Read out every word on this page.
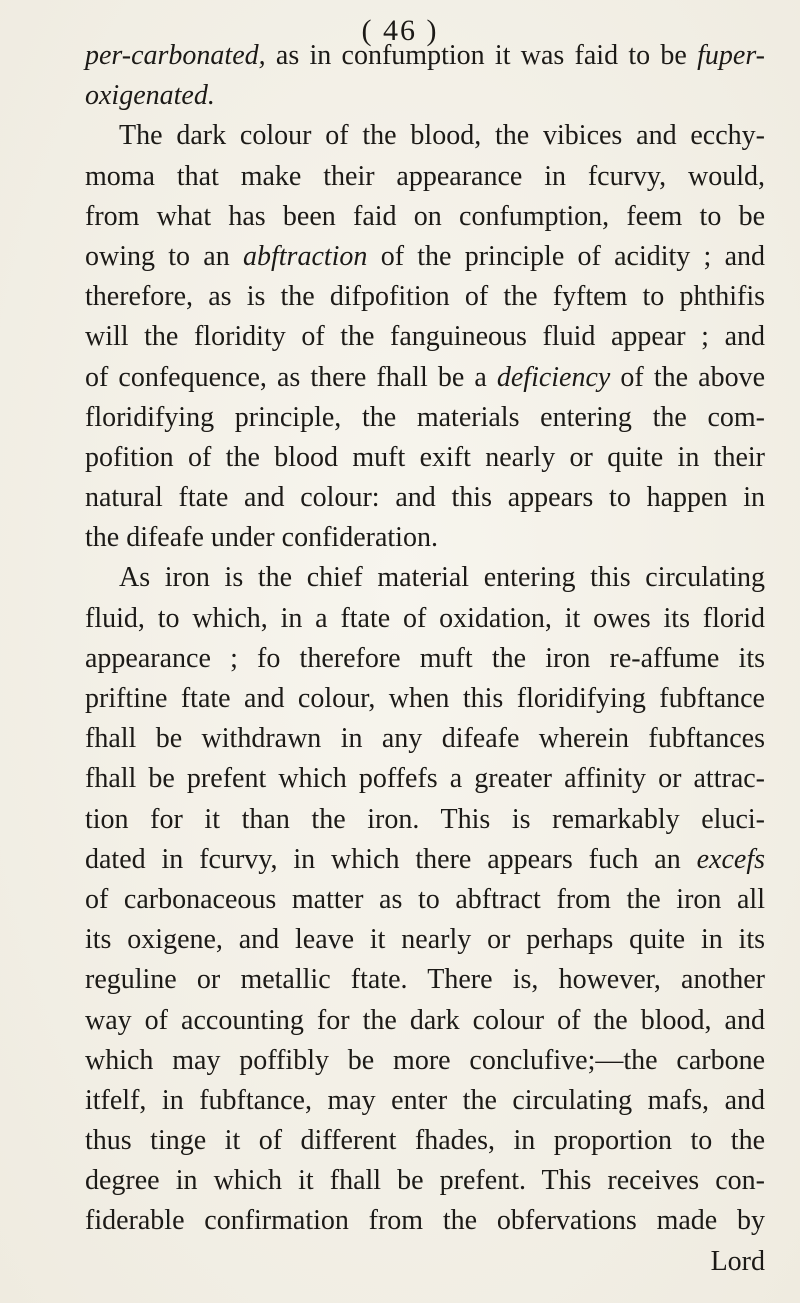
( 46 )
per-carbonated, as in confumption it was faid to be fuper-
oxigenated.
The dark colour of the blood, the vibices and ecchy-
moma that make their appearance in fcurvy, would,
from what has been faid on confumption, feem to be
owing to an abftraction of the principle of acidity ; and
therefore, as is the difpofition of the fyftem to phthifis
will the floridity of the fanguineous fluid appear ; and
of confequence, as there fhall be a deficiency of the above
floridifying principle, the materials entering the com-
pofition of the blood muft exift nearly or quite in their
natural ftate and colour: and this appears to happen in
the difeafe under confideration.
As iron is the chief material entering this circulating
fluid, to which, in a ftate of oxidation, it owes its florid
appearance ; fo therefore muft the iron re-affume its
priftine ftate and colour, when this floridifying fubftance
fhall be withdrawn in any difeafe wherein fubftances
fhall be prefent which poffefs a greater affinity or attrac-
tion for it than the iron. This is remarkably eluci-
dated in fcurvy, in which there appears fuch an excefs
of carbonaceous matter as to abftract from the iron all
its oxigene, and leave it nearly or perhaps quite in its
reguline or metallic ftate. There is, however, another
way of accounting for the dark colour of the blood, and
which may poffibly be more conclufive;—the carbone
itfelf, in fubftance, may enter the circulating mafs, and
thus tinge it of different fhades, in proportion to the
degree in which it fhall be prefent. This receives con-
fiderable confirmation from the obfervations made by
Lord
